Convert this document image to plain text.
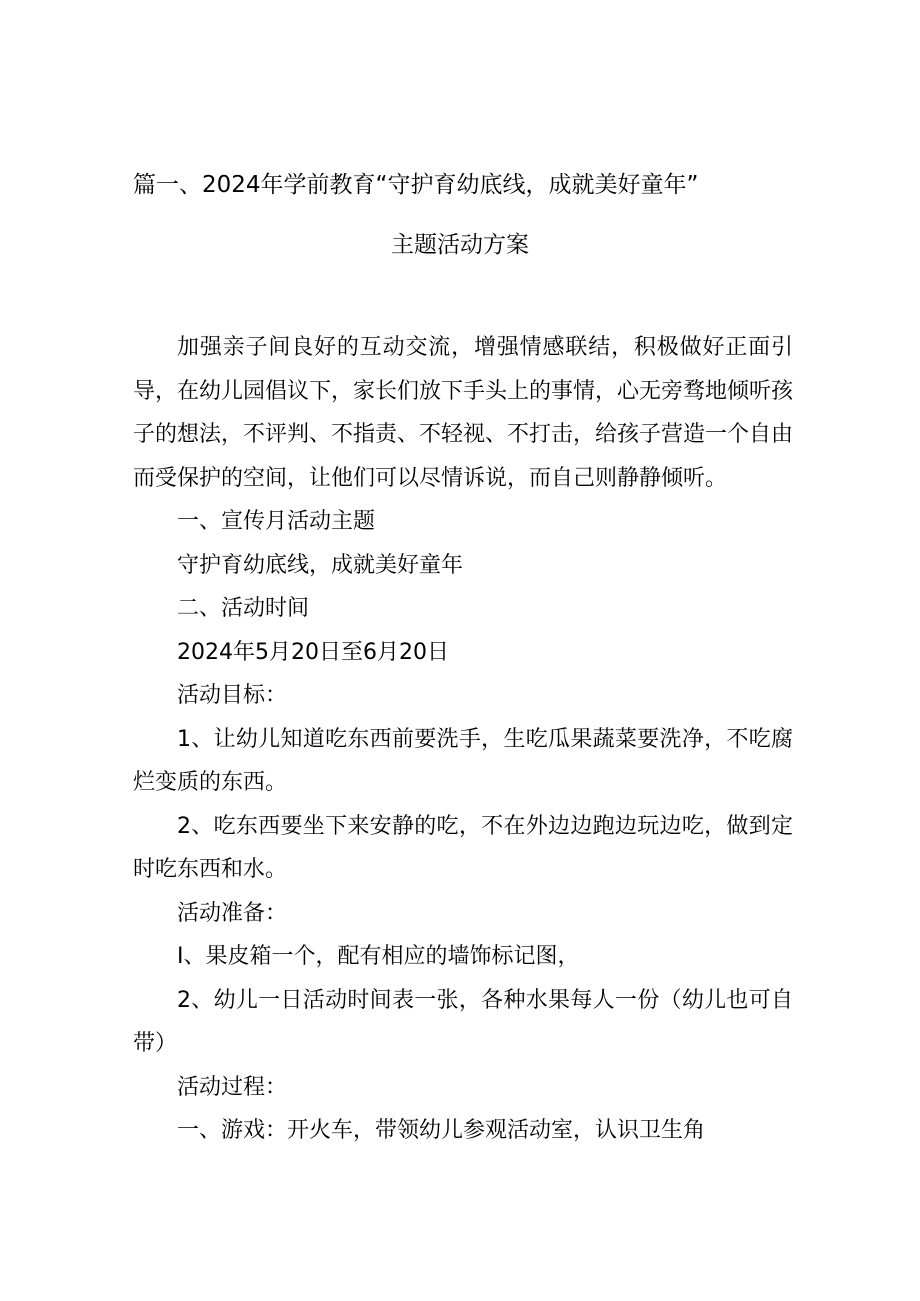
篇一、2024年学前教育“守护育幼底线，成就美好童年”
主题活动方案

加强亲子间良好的互动交流，增强情感联结，积极做好正面引导，在幼儿园倡议下，家长们放下手头上的事情，心无旁骛地倾听孩子的想法，不评判、不指责、不轻视、不打击，给孩子营造一个自由而受保护的空间，让他们可以尽情诉说，而自己则静静倾听。

一、宣传月活动主题

守护育幼底线，成就美好童年

二、活动时间

2024年5月20日至6月20日

活动目标：

1、让幼儿知道吃东西前要洗手，生吃瓜果蔬菜要洗净，不吃腐烂变质的东西。

2、吃东西要坐下来安静的吃，不在外边边跑边玩边吃，做到定时吃东西和水。

活动准备：

I、果皮箱一个，配有相应的墙饰标记图，

2、幼儿一日活动时间表一张，各种水果每人一份（幼儿也可自带）

活动过程：

一、游戏：开火车，带领幼儿参观活动室，认识卫生角
